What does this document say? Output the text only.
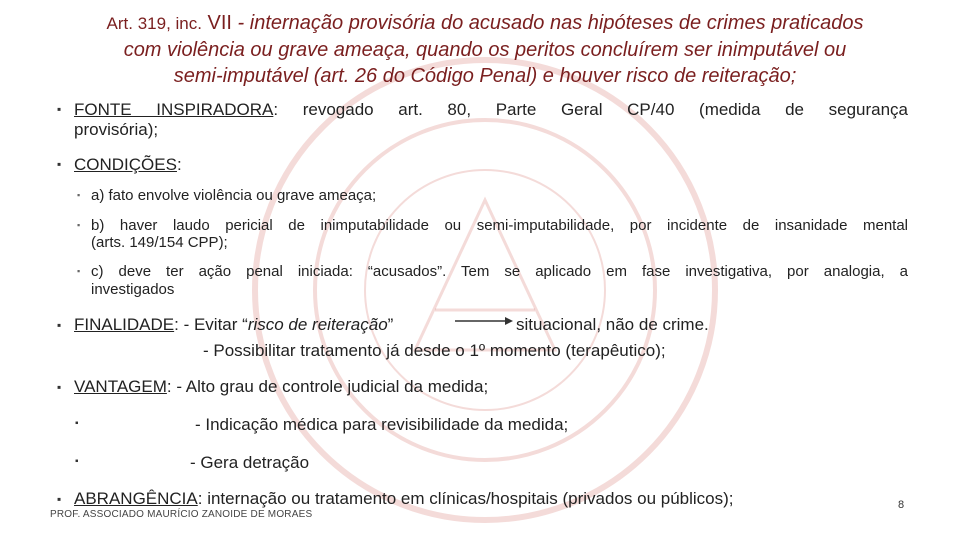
Art. 319, inc. VII - internação provisória do acusado nas hipóteses de crimes praticados
com violência ou grave ameaça, quando os peritos concluírem ser inimputável ou
semi-imputável (art. 26 do Código Penal) e houver risco de reiteração;
▪ FONTE INSPIRADORA: revogado art. 80, Parte Geral CP/40 (medida de segurança
provisória);
▪ CONDIÇÕES:
▪ a) fato envolve violência ou grave ameaça;
▪ b) haver laudo pericial de inimputabilidade ou semi-imputabilidade, por incidente de insanidade mental
(arts. 149/154 CPP);
▪ c) deve ter ação penal iniciada: “acusados”. Tem se aplicado em fase investigativa, por analogia, a
investigados
▪ FINALIDADE: - Evitar “risco de reiteração”	situacional, não de crime.
- Possibilitar tratamento já desde o 1º momento (terapêutico);
▪ VANTAGEM: - Alto grau de controle judicial da medida;
▪	- Indicação médica para revisibilidade da medida;
▪	- Gera detração
▪ ABRANGÊNCIA: internação ou tratamento em clínicas/hospitais (privados ou públicos);
PROF. ASSOCIADO MAURÍCIO ZANOIDE DE MORAES
8
